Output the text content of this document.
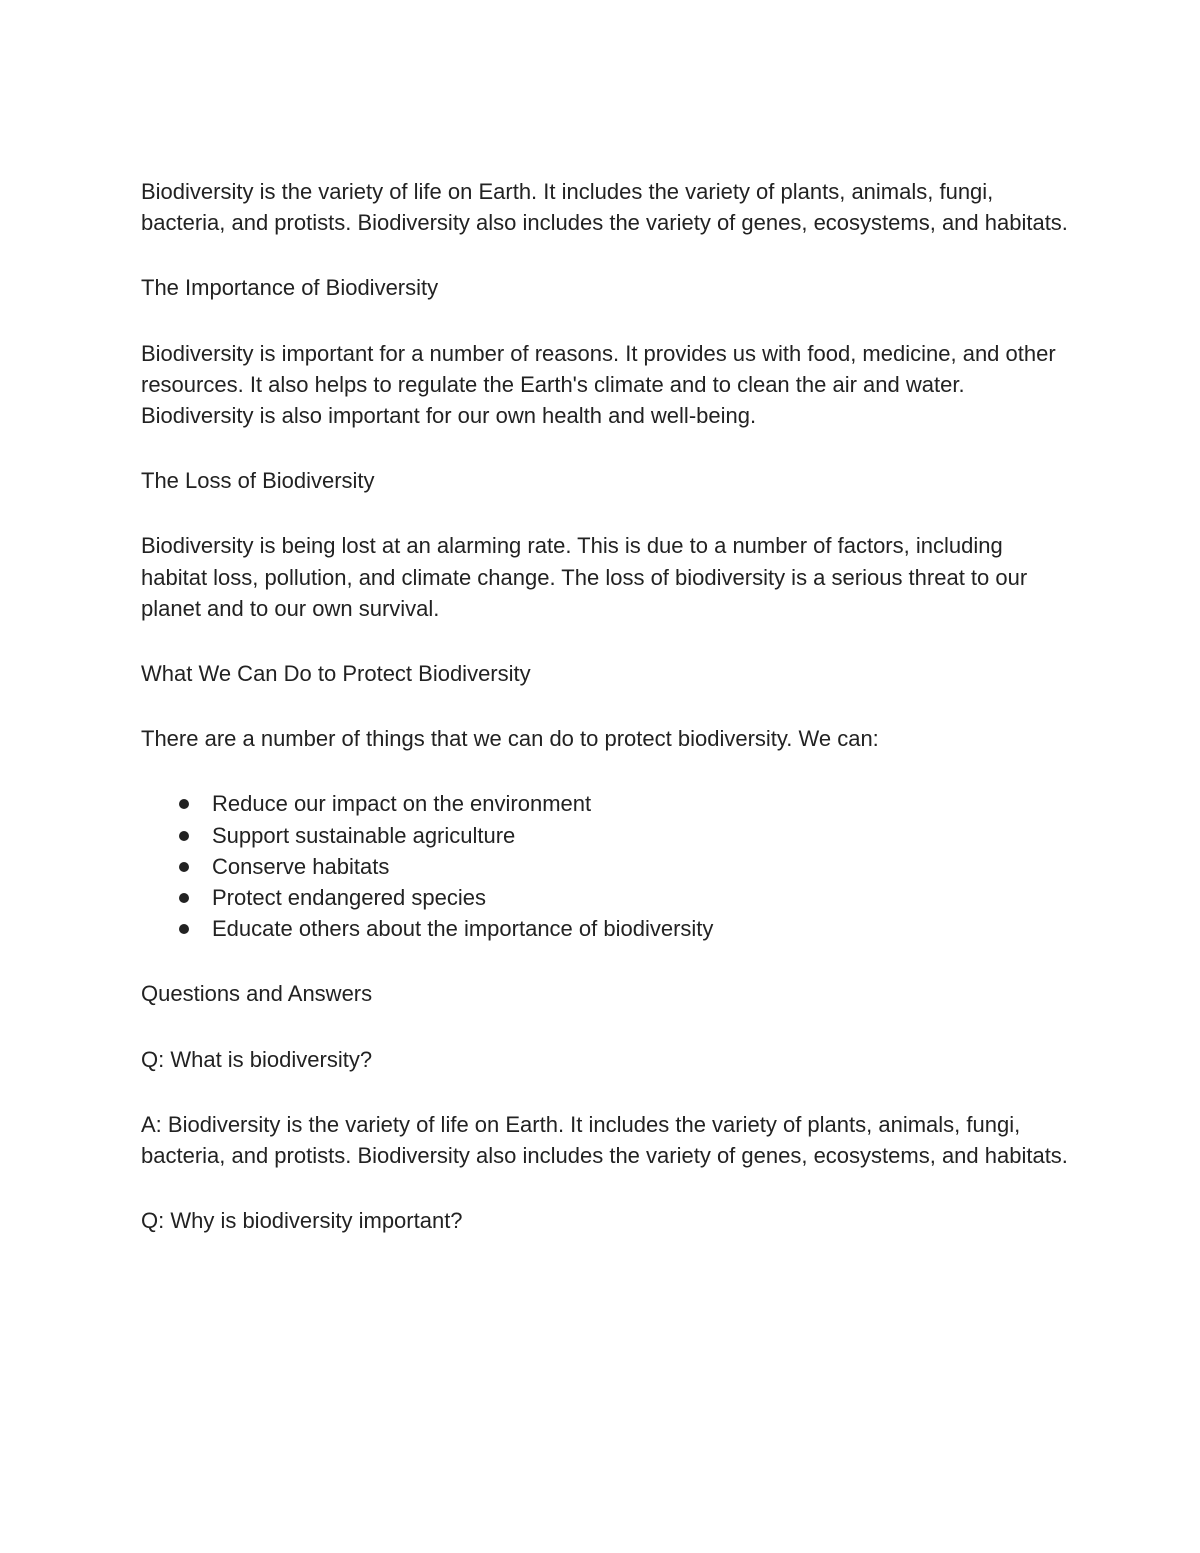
Biodiversity is the variety of life on Earth. It includes the variety of plants, animals, fungi, bacteria, and protists. Biodiversity also includes the variety of genes, ecosystems, and habitats.

The Importance of Biodiversity

Biodiversity is important for a number of reasons. It provides us with food, medicine, and other resources. It also helps to regulate the Earth's climate and to clean the air and water. Biodiversity is also important for our own health and well-being.

The Loss of Biodiversity

Biodiversity is being lost at an alarming rate. This is due to a number of factors, including habitat loss, pollution, and climate change. The loss of biodiversity is a serious threat to our planet and to our own survival.

What We Can Do to Protect Biodiversity

There are a number of things that we can do to protect biodiversity. We can:

Reduce our impact on the environment
Support sustainable agriculture
Conserve habitats
Protect endangered species
Educate others about the importance of biodiversity

Questions and Answers

Q: What is biodiversity?

A: Biodiversity is the variety of life on Earth. It includes the variety of plants, animals, fungi, bacteria, and protists. Biodiversity also includes the variety of genes, ecosystems, and habitats.

Q: Why is biodiversity important?
